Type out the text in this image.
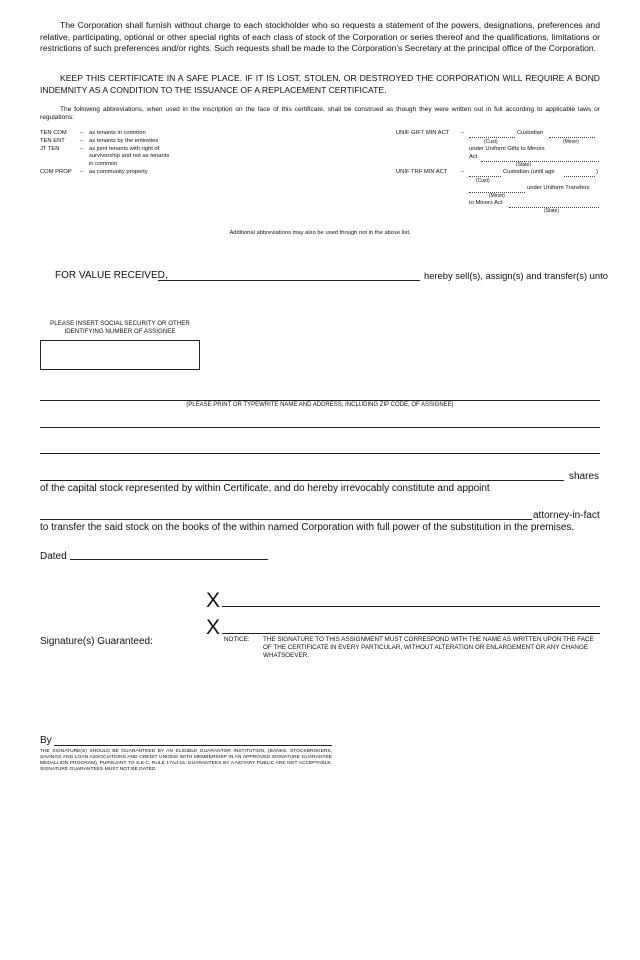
The Corporation shall furnish without charge to each stockholder who so requests a statement of the powers, designations, preferences and relative, participating, optional or other special rights of each class of stock of the Corporation or series thereof and the qualifications, limitations or restrictions of such preferences and/or rights. Such requests shall be made to the Corporation's Secretary at the principal office of the Corporation.

KEEP THIS CERTIFICATE IN A SAFE PLACE. IF IT IS LOST, STOLEN, OR DESTROYED THE CORPORATION WILL REQUIRE A BOND INDEMNITY AS A CONDITION TO THE ISSUANCE OF A REPLACEMENT CERTIFICATE.

The following abbreviations, when used in the inscription on the face of this certificate, shall be construed as though they were written out in full according to applicable laws or regulations:

TEN COM – as tenants in common
TEN ENT	– as tenants by the entireties
JT TEN	– as joint tenants with right of
survivorship and not as tenants
in common
COM PROP – as community property
UNIF GIFT MIN ACT –	Custodian
(Cust)	(Minor)
under Uniform Gifts to Minors
Act
(State)
UNIF TRF MIN ACT –	Custodian (until age	)
(Cust)
under Uniform Transfers
(Minor)
to Minors Act
(State)

Additional abbreviations may also be used though not in the above list.

FOR VALUE RECEIVED,	hereby sell(s), assign(s) and transfer(s) unto

PLEASE INSERT SOCIAL SECURITY OR OTHER
IDENTIFYING NUMBER OF ASSIGNEE

(PLEASE PRINT OR TYPEWRITE NAME AND ADDRESS, INCLUDING ZIP CODE, OF ASSIGNEE)

shares
of the capital stock represented by within Certificate, and do hereby irrevocably constitute and appoint
attorney-in-fact
to transfer the said stock on the books of the within named Corporation with full power of the substitution in the premises.
Dated
X
X
Signature(s) Guaranteed:	NOTICE: THE SIGNATURE TO THIS ASSIGNMENT MUST CORRESPOND WITH THE NAME AS WRITTEN UPON THE FACE OF THE CERTIFICATE IN EVERY PARTICULAR, WITHOUT ALTERATION OR ENLARGEMENT OR ANY CHANGE WHATSOEVER.

By

THE SIGNATURE(S) SHOULD BE GUARANTEED BY AN ELIGIBLE GUARANTOR INSTITUTION, (BANKS, STOCKBROKERS, SAVINGS AND LOAN ASSOCIATIONS AND CREDIT UNIONS WITH MEMBERSHIP IN AN APPROVED SIGNATURE GUARANTEE MEDALLION PROGRAM), PURSUANT TO S.E.C. RULE 17Ad-15. GUARANTEES BY A NOTARY PUBLIC ARE NOT ACCEPTABLE. SIGNATURE GUARANTEES MUST NOT BE DATED.
